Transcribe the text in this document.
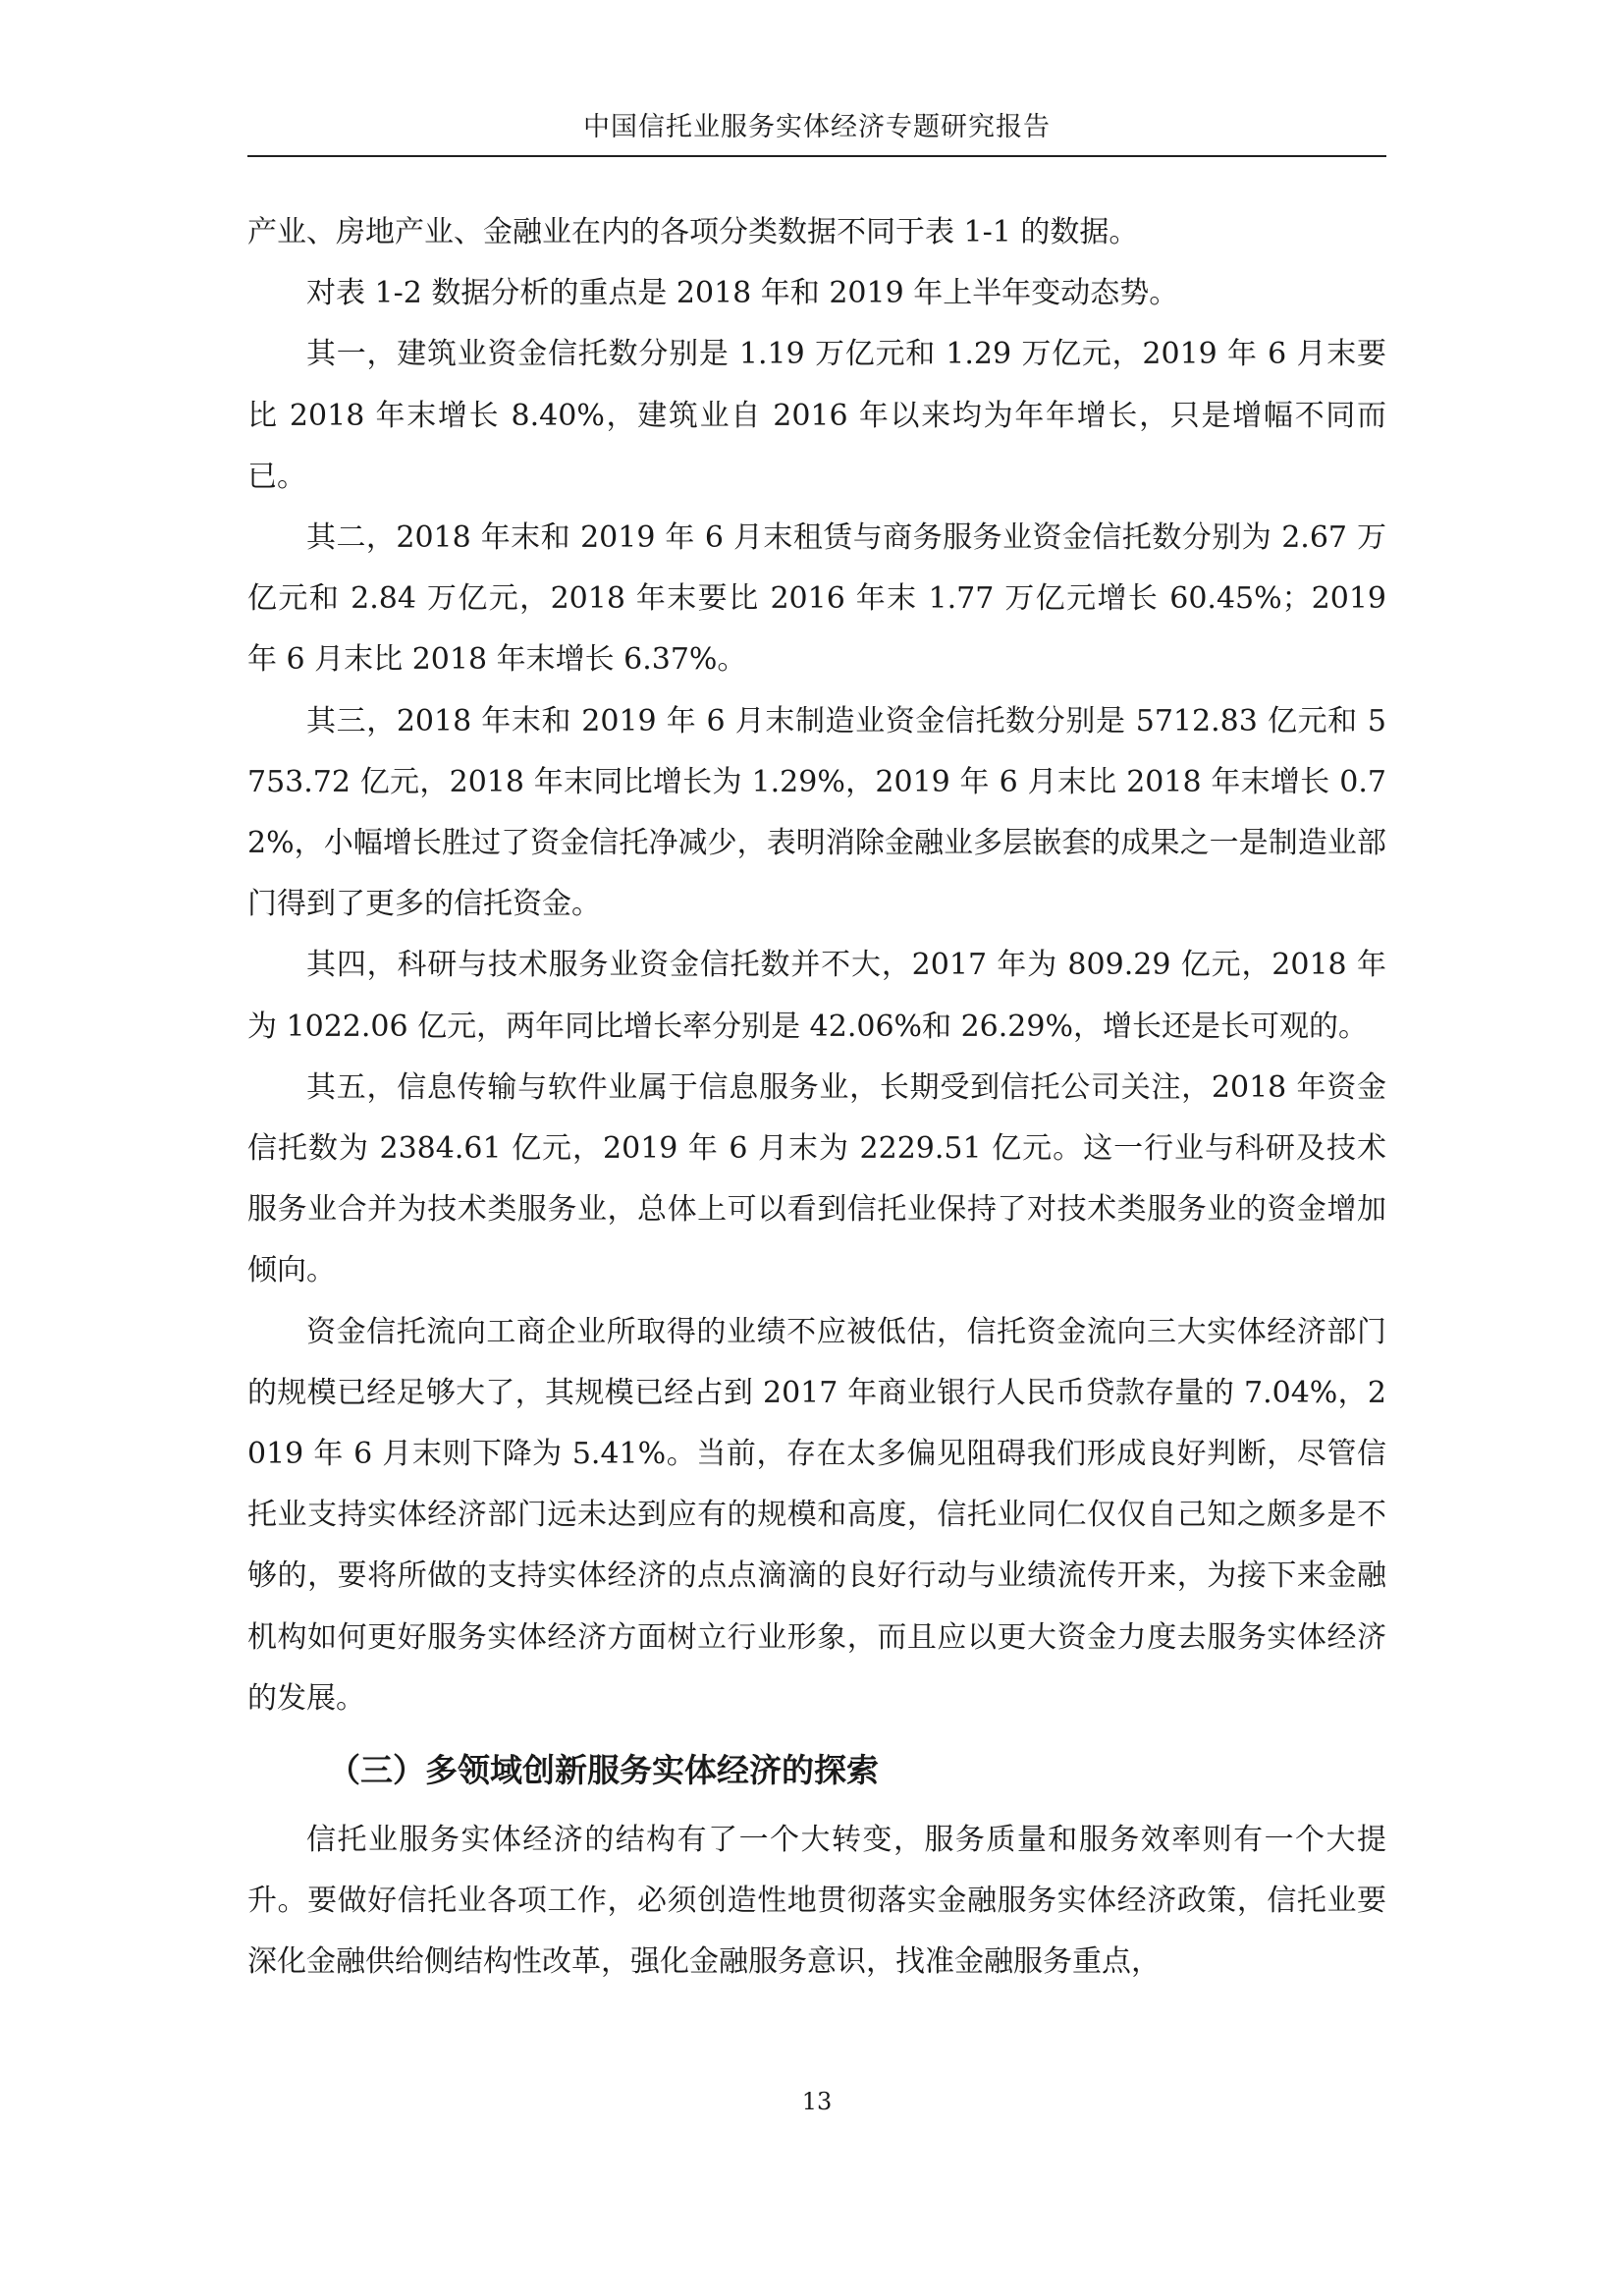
中国信托业服务实体经济专题研究报告

产业、房地产业、金融业在内的各项分类数据不同于表 1-1 的数据。

对表 1-2 数据分析的重点是 2018 年和 2019 年上半年变动态势。

其一，建筑业资金信托数分别是 1.19 万亿元和 1.29 万亿元，2019 年 6 月末要比 2018 年末增长 8.40%，建筑业自 2016 年以来均为年年增长，只是增幅不同而已。

其二，2018 年末和 2019 年 6 月末租赁与商务服务业资金信托数分别为 2.67 万亿元和 2.84 万亿元，2018 年末要比 2016 年末 1.77 万亿元增长 60.45%；2019 年 6 月末比 2018 年末增长 6.37%。

其三，2018 年末和 2019 年 6 月末制造业资金信托数分别是 5712.83 亿元和 5753.72 亿元，2018 年末同比增长为 1.29%，2019 年 6 月末比 2018 年末增长 0.72%，小幅增长胜过了资金信托净减少，表明消除金融业多层嵌套的成果之一是制造业部门得到了更多的信托资金。

其四，科研与技术服务业资金信托数并不大，2017 年为 809.29 亿元，2018 年为 1022.06 亿元，两年同比增长率分别是 42.06%和 26.29%，增长还是长可观的。

其五，信息传输与软件业属于信息服务业，长期受到信托公司关注，2018 年资金信托数为 2384.61 亿元，2019 年 6 月末为 2229.51 亿元。这一行业与科研及技术服务业合并为技术类服务业，总体上可以看到信托业保持了对技术类服务业的资金增加倾向。

资金信托流向工商企业所取得的业绩不应被低估，信托资金流向三大实体经济部门的规模已经足够大了，其规模已经占到 2017 年商业银行人民币贷款存量的 7.04%，2019 年 6 月末则下降为 5.41%。当前，存在太多偏见阻碍我们形成良好判断，尽管信托业支持实体经济部门远未达到应有的规模和高度，信托业同仁仅仅自己知之颇多是不够的，要将所做的支持实体经济的点点滴滴的良好行动与业绩流传开来，为接下来金融机构如何更好服务实体经济方面树立行业形象，而且应以更大资金力度去服务实体经济的发展。

（三）多领域创新服务实体经济的探索

信托业服务实体经济的结构有了一个大转变，服务质量和服务效率则有一个大提升。要做好信托业各项工作，必须创造性地贯彻落实金融服务实体经济政策，信托业要深化金融供给侧结构性改革，强化金融服务意识，找准金融服务重点，

13
